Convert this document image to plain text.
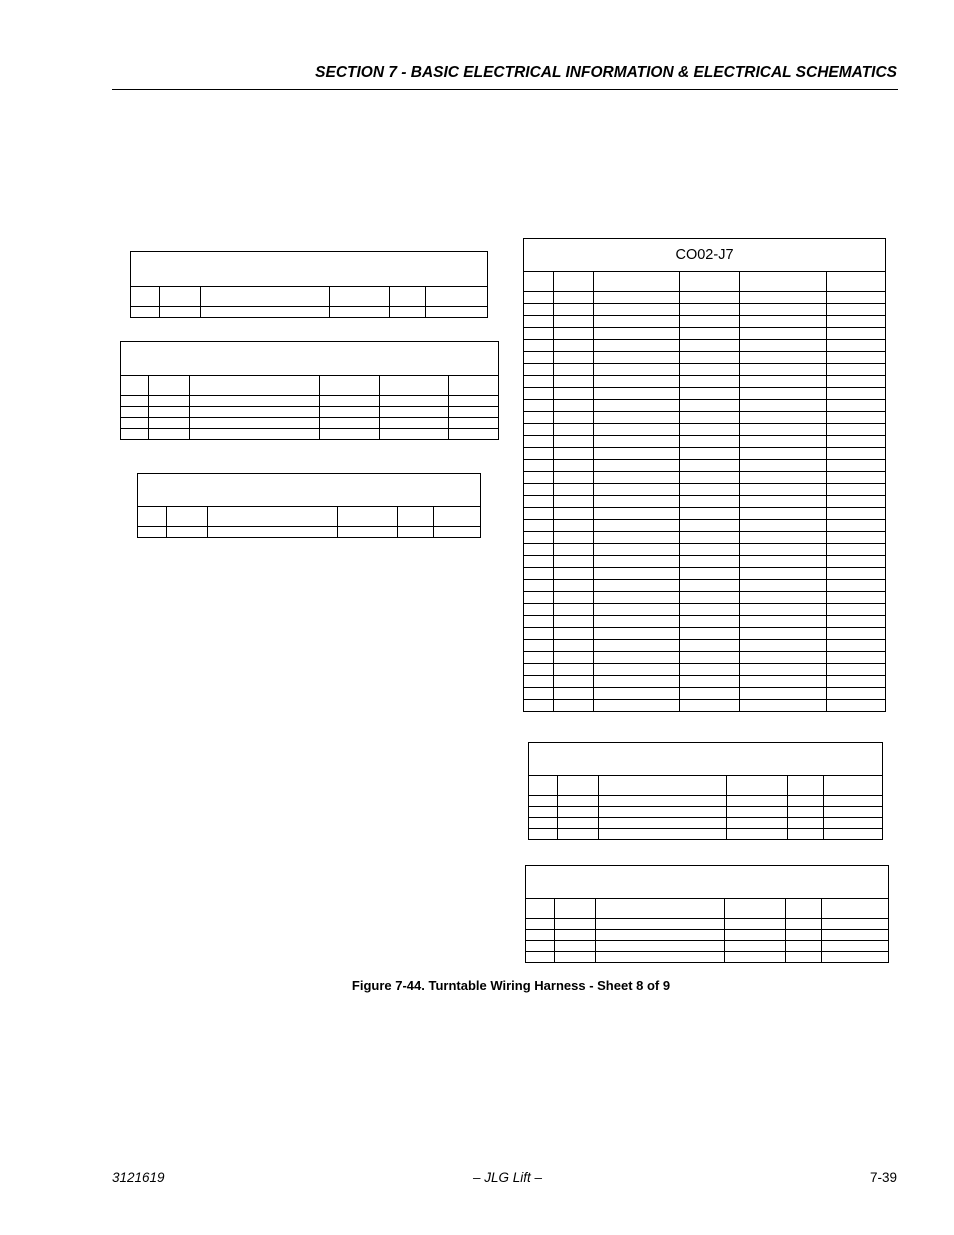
SECTION 7 - BASIC ELECTRICAL INFORMATION & ELECTRICAL SCHEMATICS

CO02-J7					

Figure 7-44. Turntable Wiring Harness - Sheet 8 of 9
3121619	– JLG Lift –	7-39
